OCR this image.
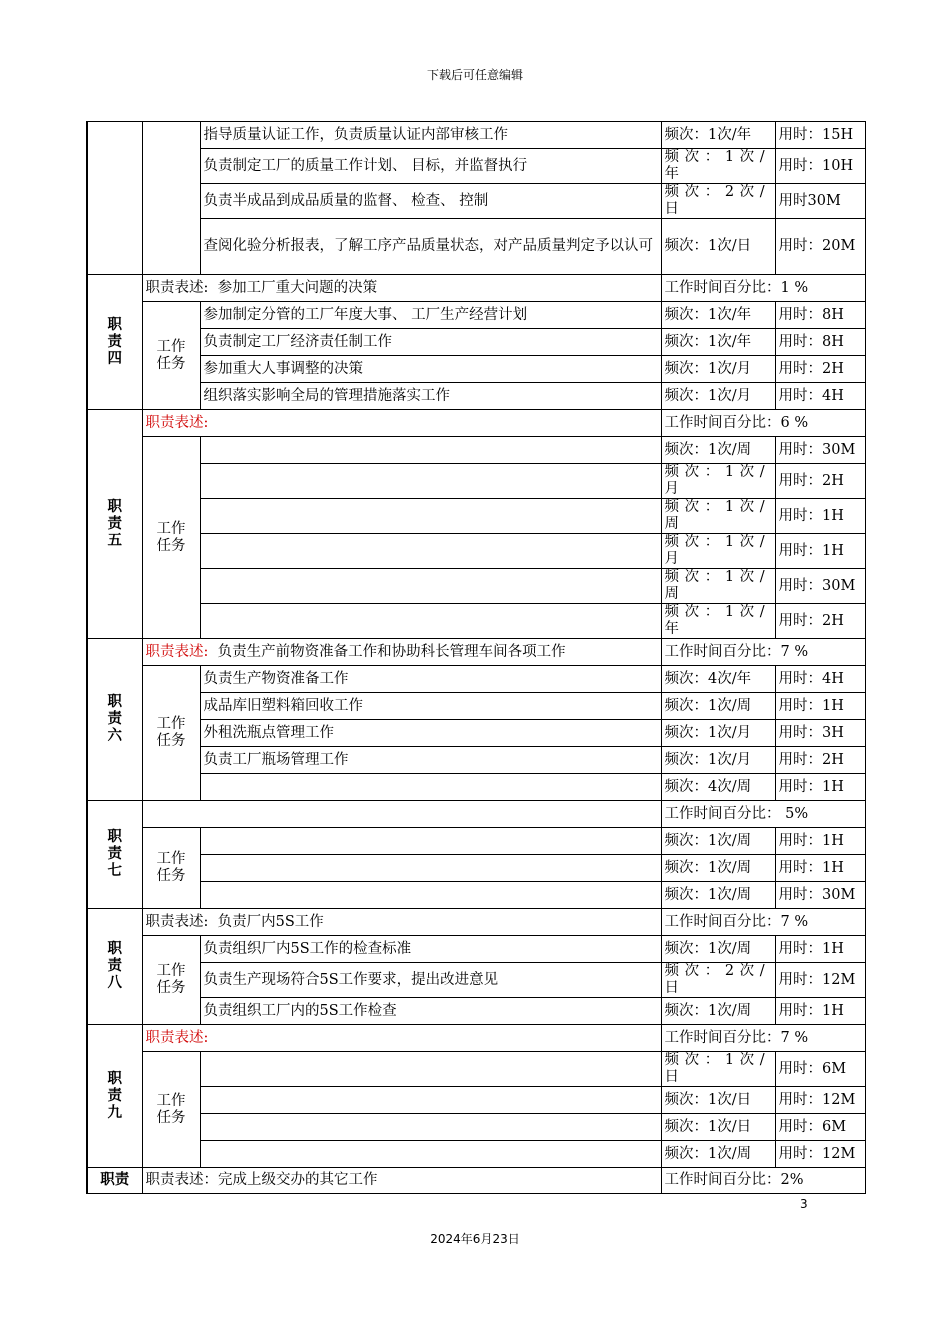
下载后可任意编辑
		指导质量认证工作，负责质量认证内部审核工作	频次：1次/年	用时：15H
		负责制定工厂的质量工作计划、 目标，并监督执行	频 次 ： 1 次 /年	用时：10H
		负责半成品到成品质量的监督、 检查、 控制	频 次 ： 2 次 /日	用时30M
		查阅化验分析报表，了解工序产品质量状态，对产品质量判定予以认可	频次：1次/日	用时：20M

职责四	职责表述: 参加工厂重大问题的决策		工作时间百分比：1 %	

	工作任务	参加制定分管的工厂年度大事、 工厂生产经营计划	频次：1次/年	用时：8H
		负责制定工厂经济责任制工作	频次：1次/年	用时：8H
		参加重大人事调整的决策	频次：1次/月	用时：2H
		组织落实影响全局的管理措施落实工作	频次：1次/月	用时：4H

职责五	职责表述:		工作时间百分比：6 %	

	工作任务		频次：1次/周	用时：30M
			频 次 ： 1 次 /月	用时：2H
			频 次 ： 1 次 /周	用时：1H
			频 次 ： 1 次 /月	用时：1H
			频 次 ： 1 次 /周	用时：30M
			频 次 ： 1 次 /年	用时：2H

职责六	职责表述: 负责生产前物资准备工作和协助科长管理车间各项工作		工作时间百分比：7 %	

	工作任务	负责生产物资准备工作	频次：4次/年	用时：4H
		成品库旧塑料箱回收工作	频次：1次/周	用时：1H
		外租洗瓶点管理工作	频次：1次/月	用时：3H
		负责工厂瓶场管理工作	频次：1次/月	用时：2H
			频次：4次/周	用时：1H

职责七			工作时间百分比： 5%	

	工作任务		频次：1次/周	用时：1H
			频次：1次/周	用时：1H
			频次：1次/周	用时：30M

职责八	职责表述: 负责厂内5S工作		工作时间百分比：7 %	

	工作任务	负责组织厂内5S工作的检查标准	频次：1次/周	用时：1H
		负责生产现场符合5S工作要求，提出改进意见	频 次 ： 2 次 /日	用时：12M
		负责组织工厂内的5S工作检查	频次：1次/周	用时：1H

职责九	职责表述:		工作时间百分比：7 %	

	工作任务		频 次 ： 1 次 /日	用时：6M
			频次：1次/日	用时：12M
			频次：1次/日	用时：6M
			频次：1次/周	用时：12M
职责	职责表述：完成上级交办的其它工作		工作时间百分比：2%	
3
2024年6月23日
